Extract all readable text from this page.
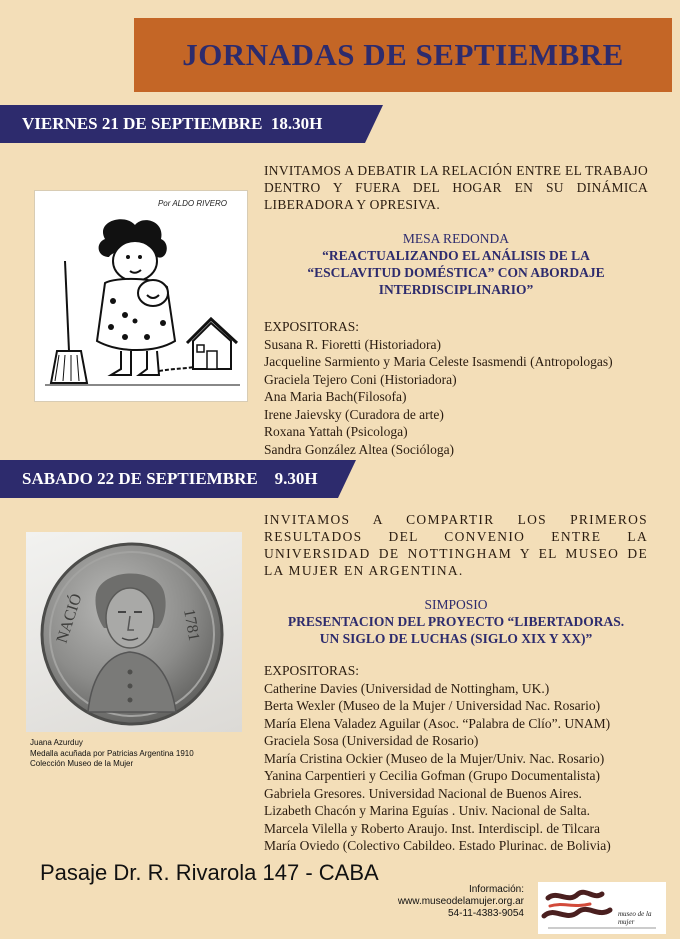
JORNADAS DE SEPTIEMBRE
VIERNES 21 DE SEPTIEMBRE  18.30H
Por ALDO RIVERO
INVITAMOS A DEBATIR LA RELACIÓN ENTRE EL TRABAJO DENTRO Y FUERA DEL HOGAR EN SU DINÁMICA LIBERADORA Y OPRESIVA.
MESA REDONDA
“REACTUALIZANDO EL ANÁLISIS DE LA
“ESCLAVITUD DOMÉSTICA” CON ABORDAJE
INTERDISCIPLINARIO”
EXPOSITORAS:
Susana R. Fioretti (Historiadora)
Jacqueline Sarmiento y Maria Celeste Isasmendi (Antropologas)
Graciela Tejero Coni (Historiadora)
Ana Maria Bach(Filosofa)
Irene Jaievsky (Curadora de arte)
Roxana Yattah (Psicologa)
Sandra González Altea (Socióloga)
SABADO 22 DE SEPTIEMBRE    9.30H
NACIÓ	1781
Juana Azurduy
Medalla acuñada por Patricias Argentina 1910
Colección Museo de la Mujer
INVITAMOS A COMPARTIR LOS PRIMEROS RESULTADOS DEL CONVENIO ENTRE LA UNIVERSIDAD DE NOTTINGHAM Y EL MUSEO DE LA MUJER EN ARGENTINA.
SIMPOSIO
PRESENTACION DEL PROYECTO “LIBERTADORAS.
UN SIGLO DE LUCHAS (SIGLO XIX Y XX)”
EXPOSITORAS:
Catherine Davies (Universidad de Nottingham, UK.)
Berta Wexler (Museo de la Mujer / Universidad Nac. Rosario)
María Elena Valadez Aguilar (Asoc. “Palabra de Clío”. UNAM)
Graciela Sosa (Universidad de Rosario)
María Cristina Ockier (Museo de la Mujer/Univ. Nac. Rosario)
Yanina Carpentieri y Cecilia Gofman (Grupo Documentalista)
Gabriela Gresores. Universidad Nacional de Buenos Aires.
Lizabeth Chacón y Marina Eguías . Univ. Nacional de Salta.
Marcela Vilella y Roberto Araujo. Inst. Interdiscipl. de Tilcara
María Oviedo (Colectivo Cabildeo. Estado Plurinac. de Bolivia)
Pasaje Dr. R. Rivarola 147 - CABA
Información:
www.museodelamujer.org.ar
54-11-4383-9054	museo de la mujer
